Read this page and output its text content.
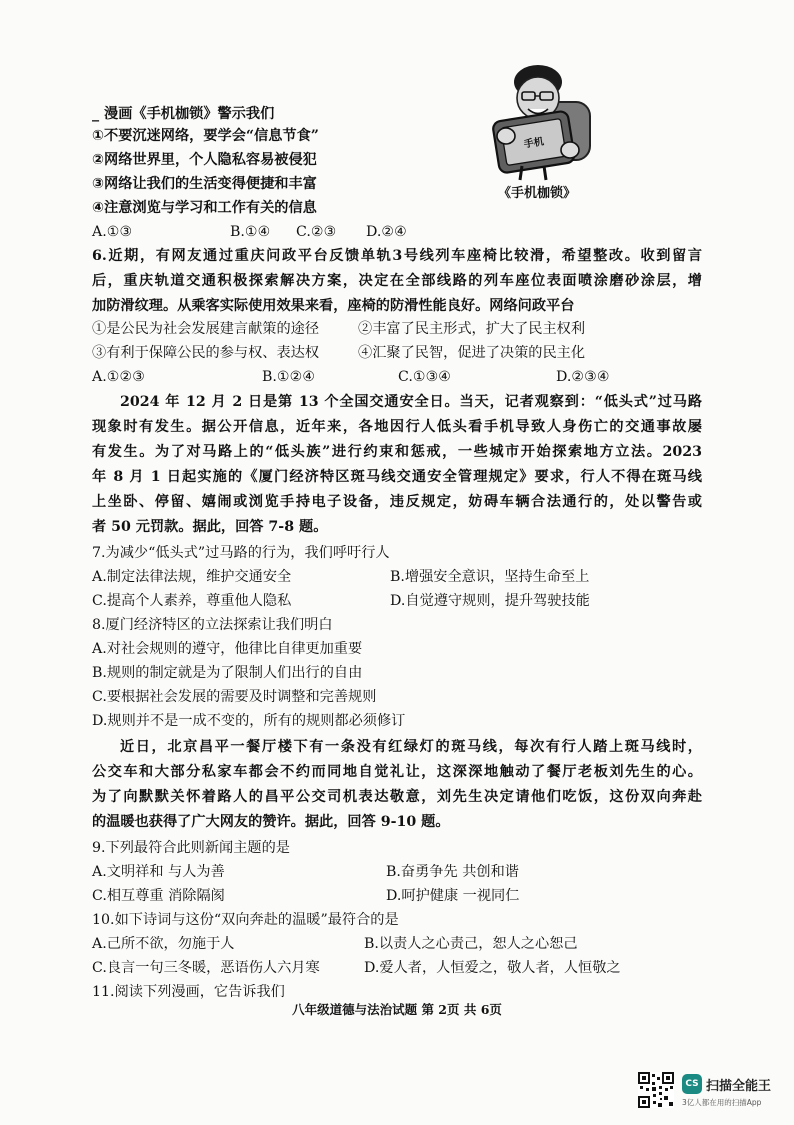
手机
《手机枷锁》
_ 漫画《手机枷锁》警示我们
①不要沉迷网络，要学会“信息节食”
②网络世界里，个人隐私容易被侵犯
③网络让我们的生活变得便捷和丰富
④注意浏览与学习和工作有关的信息
A.①③	B.①④ C.②③ D.②④
6.近期，有网友通过重庆问政平台反馈单轨3号线列车座椅比较滑，希望整改。收到留言
后，重庆轨道交通积极探索解决方案，决定在全部线路的列车座位表面喷涂磨砂涂层，增
加防滑纹理。从乘客实际使用效果来看，座椅的防滑性能良好。网络问政平台
①是公民为社会发展建言献策的途径	②丰富了民主形式，扩大了民主权利
③有利于保障公民的参与权、表达权	④汇聚了民智，促进了决策的民主化
A.①②③	B.①②④	C.①③④	D.②③④
2024 年 12 月 2 日是第 13 个全国交通安全日。当天，记者观察到：“低头式”过马路
现象时有发生。据公开信息，近年来，各地因行人低头看手机导致人身伤亡的交通事故屡
有发生。为了对马路上的“低头族”进行约束和惩戒，一些城市开始探索地方立法。2023
年 8 月 1 日起实施的《厦门经济特区斑马线交通安全管理规定》要求，行人不得在斑马线
上坐卧、停留、嬉闹或浏览手持电子设备，违反规定，妨碍车辆合法通行的，处以警告或
者 50 元罚款。据此，回答 7-8 题。
7.为减少“低头式”过马路的行为，我们呼吁行人
A.制定法律法规，维护交通安全	B.增强安全意识，坚持生命至上
C.提高个人素养，尊重他人隐私	D.自觉遵守规则，提升驾驶技能
8.厦门经济特区的立法探索让我们明白
A.对社会规则的遵守，他律比自律更加重要
B.规则的制定就是为了限制人们出行的自由
C.要根据社会发展的需要及时调整和完善规则
D.规则并不是一成不变的，所有的规则都必须修订
近日，北京昌平一餐厅楼下有一条没有红绿灯的斑马线，每次有行人踏上斑马线时，
公交车和大部分私家车都会不约而同地自觉礼让，这深深地触动了餐厅老板刘先生的心。
为了向默默关怀着路人的昌平公交司机表达敬意，刘先生决定请他们吃饭，这份双向奔赴
的温暖也获得了广大网友的赞许。据此，回答 9-10 题。
9.下列最符合此则新闻主题的是
A.文明祥和 与人为善	B.奋勇争先 共创和谐
C.相互尊重 消除隔阂	D.呵护健康 一视同仁
10.如下诗词与这份“双向奔赴的温暖”最符合的是
A.己所不欲，勿施于人	B.以责人之心责己，恕人之心恕己
C.良言一句三冬暖，恶语伤人六月寒	D.爱人者，人恒爱之，敬人者，人恒敬之
11.阅读下列漫画，它告诉我们
八年级道德与法治试题 第 2页 共 6页
CS 扫描全能王
3亿人都在用的扫描App
